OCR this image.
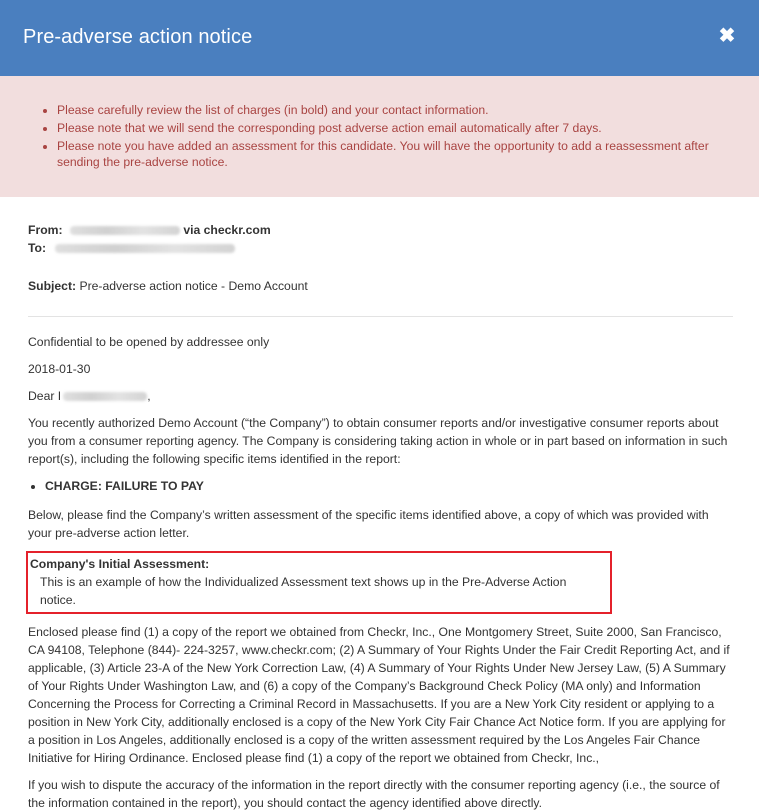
Pre-adverse action notice	✖
• Please carefully review the list of charges (in bold) and your contact information.
• Please note that we will send the corresponding post adverse action email automatically after 7 days.
• Please note you have added an assessment for this candidate. You will have the opportunity to add a reassessment after sending the pre-adverse notice.
From:	via checkr.com
To:
Subject: Pre-adverse action notice - Demo Account

Confidential to be opened by addressee only

2018-01-30

Dear I	,

You recently authorized Demo Account (“the Company”) to obtain consumer reports and/or investigative consumer reports about you from a consumer reporting agency. The Company is considering taking action in whole or in part based on information in such report(s), including the following specific items identified in the report:

• CHARGE: FAILURE TO PAY

Below, please find the Company’s written assessment of the specific items identified above, a copy of which was provided with your pre-adverse action letter.

Company's Initial Assessment:
This is an example of how the Individualized Assessment text shows up in the Pre-Adverse Action notice.

Enclosed please find (1) a copy of the report we obtained from Checkr, Inc., One Montgomery Street, Suite 2000, San Francisco, CA 94108, Telephone (844)- 224-3257, www.checkr.com; (2) A Summary of Your Rights Under the Fair Credit Reporting Act, and if applicable, (3) Article 23-A of the New York Correction Law, (4) A Summary of Your Rights Under New Jersey Law, (5) A Summary of Your Rights Under Washington Law, and (6) a copy of the Company’s Background Check Policy (MA only) and Information Concerning the Process for Correcting a Criminal Record in Massachusetts. If you are a New York City resident or applying to a position in New York City, additionally enclosed is a copy of the New York City Fair Chance Act Notice form. If you are applying for a position in Los Angeles, additionally enclosed is a copy of the written assessment required by the Los Angeles Fair Chance Initiative for Hiring Ordinance. Enclosed please find (1) a copy of the report we obtained from Checkr, Inc.,

If you wish to dispute the accuracy of the information in the report directly with the consumer reporting agency (i.e., the source of the information contained in the report), you should contact the agency identified above directly.
